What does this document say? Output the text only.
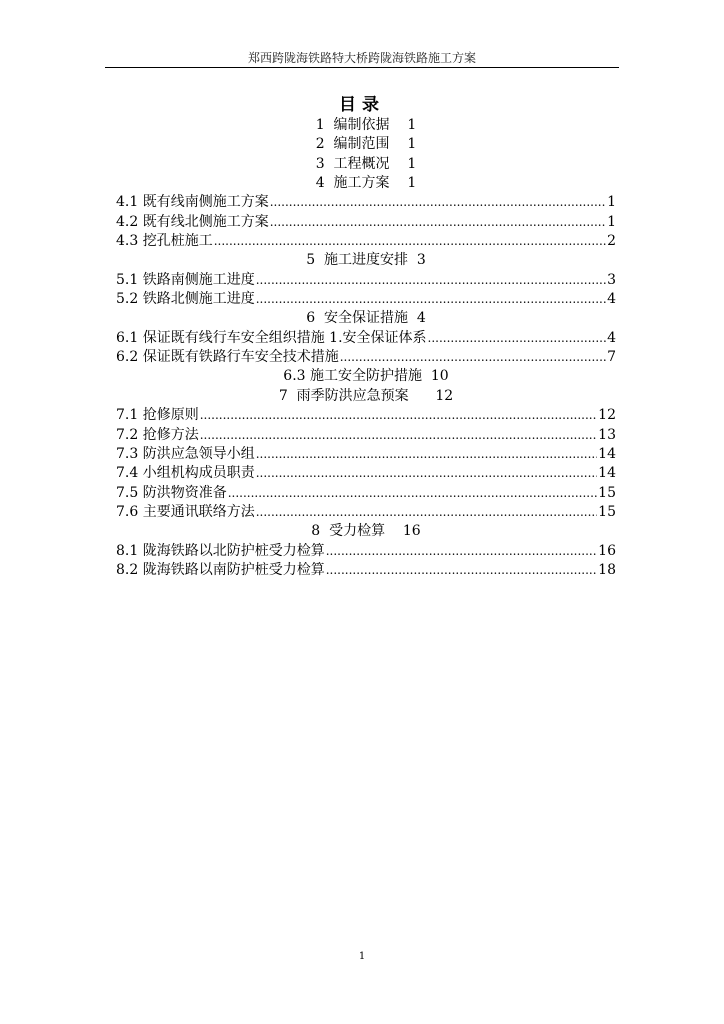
郑西跨陇海铁路特大桥跨陇海铁路施工方案
目录
1  编制依据    1
2  编制范围    1
3  工程概况    1
4  施工方案    1
4.1 既有线南侧施工方案 .....	1
4.2 既有线北侧施工方案 .....	1
4.3 挖孔桩施工 .....	2
5  施工进度安排  3
5.1 铁路南侧施工进度 .....	3
5.2 铁路北侧施工进度 .....	4
6  安全保证措施  4
6.1 保证既有线行车安全组织措施 1.安全保证体系 .....	4
6.2 保证既有铁路行车安全技术措施 .....	7
6.3 施工安全防护措施  10
7  雨季防洪应急预案      12
7.1 抢修原则 .....	12
7.2 抢修方法 .....	13
7.3 防洪应急领导小组 .....	14
7.4 小组机构成员职责 .....	14
7.5 防洪物资准备 .....	15
7.6 主要通讯联络方法 .....	15
8  受力检算    16
8.1 陇海铁路以北防护桩受力检算 .....	16
8.2 陇海铁路以南防护桩受力检算 .....	18
1
